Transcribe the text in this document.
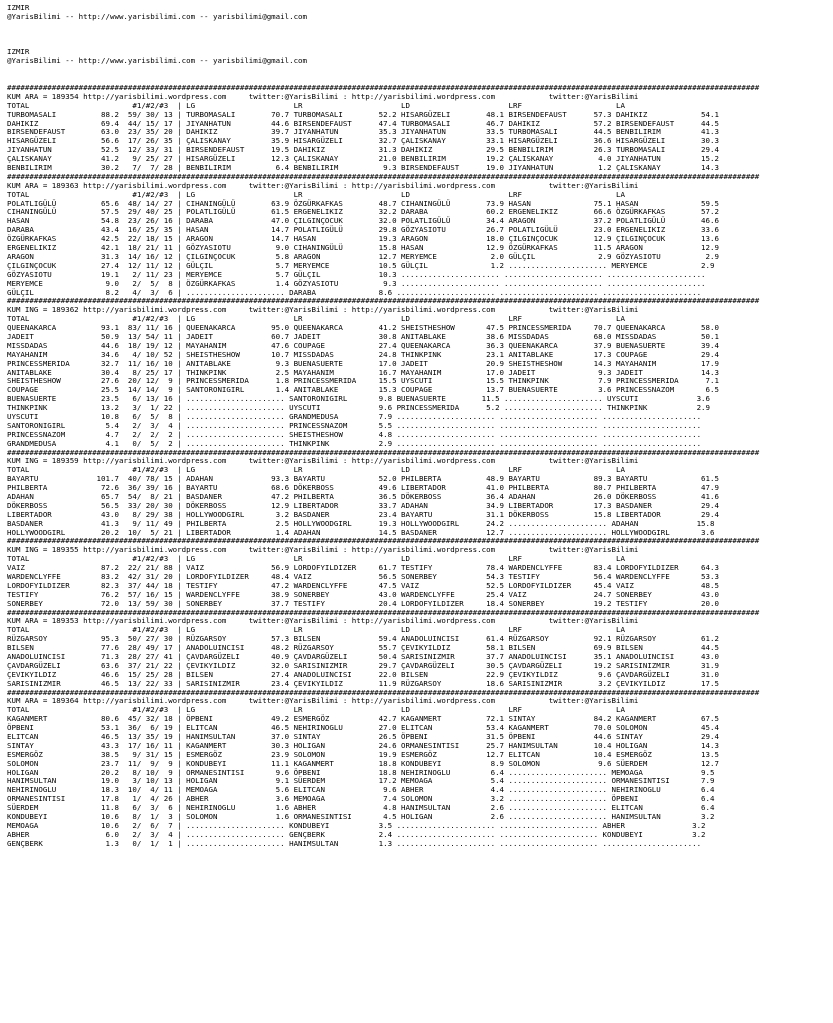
IZMIR
@YarisBilimi -- http://www.yarisbilimi.com -- yarisbilimi@gmail.com

IZMIR
@YarisBilimi -- http://www.yarisbilimi.com -- yarisbilimi@gmail.com

########################################################################################################################################################################
KUM ARA = 189354 http://yarisbilimi.wordpress.com     twitter:@YarisBilimi : http://yarisbilimi.wordpress.com            twitter:@YarisBilimi
TOTAL                       #1/#2/#3  | LG                      LR                      LD                      LRF                     LA
TURBOMASALI          88.2  59/ 30/ 13 | TURBOMASALI        70.7 TURBOMASALI        52.2 HISARGÜZELI        48.1 BIRSENDEFAUST      57.3 DAHIKIZ            54.1
DAHIKIZ              69.4  44/ 15/ 17 | JIYANHATUN         44.6 BIRSENDEFAUST      47.4 TURBOMASALI        46.7 DAHIKIZ            57.2 BIRSENDEFAUST      44.5
BIRSENDEFAUST        63.0  23/ 35/ 20 | DAHIKIZ            39.7 JIYANHATUN         35.3 JIYANHATUN         33.5 TURBOMASALI        44.5 BENBILIRIM         41.3
HISARGÜZELI          56.6  17/ 26/ 35 | ÇALISKANAY         35.9 HISARGÜZELI        32.7 ÇALISKANAY         33.1 HISARGÜZELI        36.6 HISARGÜZELI        30.3
JIYANHATUN           52.5  12/ 33/ 31 | BIRSENDEFAUST      19.5 DAHIKIZ            31.3 DAHIKIZ            29.5 BENBILIRIM         26.3 TURBOMASALI        29.4
ÇALISKANAY           41.2   9/ 25/ 27 | HISARGÜZELI        12.3 ÇALISKANAY         21.0 BENBILIRIM         19.2 ÇALISKANAY          4.0 JIYANHATUN         15.2
BENBILIRIM           30.2   7/  7/ 28 | BENBILIRIM          6.4 BENBILIRIM          9.3 BIRSENDEFAUST      19.0 JIYANHATUN          1.2 ÇALISKANAY         14.3
########################################################################################################################################################################
KUM ARA = 189363 http://yarisbilimi.wordpress.com     twitter:@YarisBilimi : http://yarisbilimi.wordpress.com            twitter:@YarisBilimi
TOTAL                       #1/#2/#3  | LG                      LR                      LD                      LRF                     LA
POLATLIGÜLÜ          65.6  48/ 14/ 27 | CIHANINGÜLÜ        63.9 ÖZGÜRKAFKAS        48.7 CIHANINGÜLÜ        73.9 HASAN              75.1 HASAN              59.5
CIHANINGÜLÜ          57.5  29/ 40/ 25 | POLATLIGÜLÜ        61.5 ERGENELIKIZ        32.2 DARABA             60.2 ERGENELIKIZ        66.6 ÖZGÜRKAFKAS        57.2
HASAN                54.8  23/ 26/ 16 | DARABA             47.0 ÇILGINÇOCUK        32.0 POLATLIGÜLÜ        34.4 ARAGON             37.2 POLATLIGÜLÜ        46.6
DARABA               43.4  16/ 25/ 35 | HASAN              14.7 POLATLIGÜLÜ        29.8 GÖZYASIOTU         26.7 POLATLIGÜLÜ        23.0 ERGENELIKIZ        33.6
ÖZGÜRKAFKAS          42.5  22/ 18/ 15 | ARAGON             14.7 HASAN              19.3 ARAGON             18.0 ÇILGINÇOCUK        12.9 ÇILGINÇOCUK        13.6
ERGENELIKIZ          42.1  18/ 21/ 11 | GÖZYASIOTU          9.0 CIHANINGÜLÜ        15.8 HASAN              12.9 ÖZGÜRKAFKAS        11.5 ARAGON             12.9
ARAGON               31.3  14/ 16/ 12 | ÇILGINÇOCUK         5.8 ARAGON             12.7 MERYEMCE            2.0 GÜLÇIL              2.9 GÖZYASIOTU          2.9
ÇILGINÇOCUK          27.4  12/ 11/ 12 | GÜLÇIL              5.7 MERYEMCE           10.5 GÜLÇIL              1.2 ...................... MERYEMCE            2.9
GÖZYASIOTU           19.1   2/ 11/ 23 | MERYEMCE            5.7 GÜLÇIL             10.3 ...................... ...................... ......................
MERYEMCE              9.0   2/  5/  8 | ÖZGÜRKAFKAS         1.4 GÖZYASIOTU          9.3 ...................... ...................... ......................
GÜLÇIL                8.2   4/  3/  6 | ...................... DARABA              8.6 ...................... ...................... ......................
########################################################################################################################################################################
KUM ING = 189362 http://yarisbilimi.wordpress.com     twitter:@YarisBilimi : http://yarisbilimi.wordpress.com            twitter:@YarisBilimi
TOTAL                       #1/#2/#3  | LG                      LR                      LD                      LRF                     LA
QUEENAKARCA          93.1  83/ 11/ 16 | QUEENAKARCA        95.0 QUEENAKARCA        41.2 SHEISTHESHOW       47.5 PRINCESSMERIDA     70.7 QUEENAKARCA        58.0
JADEIT               50.9  13/ 54/ 11 | JADEIT             60.7 JADEIT             30.8 ANITABLAKE         38.6 MISSDADAS          68.0 MISSDADAS          50.1
MISSDADAS            44.6  18/ 19/ 12 | MAYAHANIM          47.6 COUPAGE            27.4 QUEENAKARCA        36.3 QUEENAKARCA        37.9 BUENASUERTE        39.4
MAYAHANIM            34.6   4/ 10/ 52 | SHEISTHESHOW       10.7 MISSDADAS          24.8 THINKPINK          23.1 ANITABLAKE         17.3 COUPAGE            29.4
PRINCESSMERIDA       32.7  11/ 16/ 10 | ANITABLAKE          9.3 BUENASUERTE        17.0 JADEIT             20.9 SHEISTHESHOW       14.3 MAYAHANIM          17.9
ANITABLAKE           30.4   8/ 25/ 17 | THINKPINK           2.5 MAYAHANIM          16.7 MAYAHANIM          17.0 JADEIT              9.3 JADEIT             14.3
SHEISTHESHOW         27.6  20/ 12/  9 | PRINCESSMERIDA      1.8 PRINCESSMERIDA     15.5 UYSCUTI            15.5 THINKPINK           7.9 PRINCESSMERIDA      7.1
COUPAGE              25.5  14/ 14/  9 | SANTORONIGIRL       1.4 ANITABLAKE         15.3 COUPAGE            13.7 BUENASUERTE         3.6 PRINCESSNAZOM       6.5
BUENASUERTE          23.5   6/ 13/ 16 | ...................... SANTORONIGIRL       9.8 BUENASUERTE        11.5 ...................... UYSCUTI             3.6
THINKPINK            13.2   3/  1/ 22 | ...................... UYSCUTI             9.6 PRINCESSMERIDA      5.2 ...................... THINKPINK           2.9
UYSCUTI              10.8   6/  5/  8 | ...................... GRANDMEDUSA         7.9 ...................... ...................... ......................
SANTORONIGIRL         5.4   2/  3/  4 | ...................... PRINCESSNAZOM       5.5 ...................... ...................... ......................
PRINCESSNAZOM         4.7   2/  2/  2 | ...................... SHEISTHESHOW        4.8 ...................... ...................... ......................
GRANDMEDUSA           4.1   0/  5/  2 | ...................... THINKPINK           2.9 ...................... ...................... ......................
########################################################################################################################################################################
KUM ING = 189359 http://yarisbilimi.wordpress.com     twitter:@YarisBilimi : http://yarisbilimi.wordpress.com            twitter:@YarisBilimi
TOTAL                       #1/#2/#3  | LG                      LR                      LD                      LRF                     LA
BAYARTU             101.7  40/ 78/ 15 | ADAHAN             93.3 BAYARTU            52.0 PHILBERTA          48.9 BAYARTU            89.3 BAYARTU            61.5
PHILBERTA            72.6  36/ 39/ 16 | BAYARTU            68.6 DÖKERBOSS          49.6 LIBERTADOR         41.0 PHILBERTA          80.7 PHILBERTA          47.9
ADAHAN               65.7  54/  8/ 21 | BASDANER           47.2 PHILBERTA          36.5 DÖKERBOSS          36.4 ADAHAN             26.0 DÖKERBOSS          41.6
DÖKERBOSS            56.5  33/ 20/ 30 | DÖKERBOSS          12.9 LIBERTADOR         33.7 ADAHAN             34.9 LIBERTADOR         17.3 BASDANER           29.4
LIBERTADOR           43.0   8/ 29/ 38 | HOLLYWOODGIRL       3.2 BASDANER           23.4 BAYARTU            31.1 DÖKERBOSS          15.8 LIBERTADOR         29.4
BASDANER             41.3   9/ 11/ 49 | PHILBERTA           2.5 HOLLYWOODGIRL      19.3 HOLLYWOODGIRL      24.2 ...................... ADAHAN             15.8
HOLLYWOODGIRL        20.2  10/  5/ 21 | LIBERTADOR          1.4 ADAHAN             14.5 BASDANER           12.7 ...................... HOLLYWOODGIRL       3.6
########################################################################################################################################################################
KUM ING = 189355 http://yarisbilimi.wordpress.com     twitter:@YarisBilimi : http://yarisbilimi.wordpress.com            twitter:@YarisBilimi
TOTAL                       #1/#2/#3  | LG                      LR                      LD                      LRF                     LA
VAIZ                 87.2  22/ 21/ 88 | VAIZ               56.9 LORDOFYILDIZER     61.7 TESTIFY            78.4 WARDENCLYFFE       83.4 LORDOFYILDIZER     64.3
WARDENCLYFFE         83.2  42/ 31/ 20 | LORDOFYILDIZER     48.4 VAIZ               56.5 SONERBEY           54.3 TESTIFY            56.4 WARDENCLYFFE       53.3
LORDOFYILDIZER       82.3  37/ 44/ 18 | TESTIFY            47.2 WARDENCLYFFE       47.5 VAIZ               52.5 LORDOFYILDIZER     45.4 VAIZ               48.5
TESTIFY              76.2  57/ 16/ 15 | WARDENCLYFFE       38.9 SONERBEY           43.0 WARDENCLYFFE       25.4 VAIZ               24.7 SONERBEY           43.0
SONERBEY             72.0  13/ 59/ 30 | SONERBEY           37.7 TESTIFY            20.4 LORDOFYILDIZER     18.4 SONERBEY           19.2 TESTIFY            20.0
########################################################################################################################################################################
KUM ARA = 189353 http://yarisbilimi.wordpress.com     twitter:@YarisBilimi : http://yarisbilimi.wordpress.com            twitter:@YarisBilimi
TOTAL                       #1/#2/#3  | LG                      LR                      LD                      LRF                     LA
RÜZGARSOY            95.3  50/ 27/ 30 | RÜZGARSOY          57.3 BILSEN             59.4 ANADOLUINCISI      61.4 RÜZGARSOY          92.1 RÜZGARSOY          61.2
BILSEN               77.6  28/ 49/ 17 | ANADOLUINCISI      48.2 RÜZGARSOY          55.7 ÇEVIKYILDIZ        58.1 BILSEN             69.9 BILSEN             44.5
ANADOLUINCISI        71.3  28/ 27/ 41 | ÇAVDARGÜZELI       40.9 ÇAVDARGÜZELI       50.4 SARISINIZMIR       37.7 ANADOLUINCISI      35.1 ANADOLUINCISI      43.0
ÇAVDARGÜZELI         63.6  37/ 21/ 22 | ÇEVIKYILDIZ        32.0 SARISINIZMIR       29.7 ÇAVDARGÜZELI       30.5 ÇAVDARGÜZELI       19.2 SARISINIZMIR       31.9
ÇEVIKYILDIZ          46.6  15/ 25/ 28 | BILSEN             27.4 ANADOLUINCISI      22.0 BILSEN             22.9 ÇEVIKYILDIZ         9.6 ÇAVDARGÜZELI       31.0
SARISINIZMIR         46.5  13/ 22/ 33 | SARISINIZMIR       23.4 ÇEVIKYILDIZ        11.9 RÜZGARSOY          18.6 SARISINIZMIR        3.2 ÇEVIKYILDIZ        17.5
########################################################################################################################################################################
KUM ARA = 189364 http://yarisbilimi.wordpress.com     twitter:@YarisBilimi : http://yarisbilimi.wordpress.com            twitter:@YarisBilimi
TOTAL                       #1/#2/#3  | LG                      LR                      LD                      LRF                     LA
KAGANMERT            80.6  45/ 32/ 18 | ÖPBENI             49.2 ESMERGÖZ           42.7 KAGANMERT          72.1 SINTAY             84.2 KAGANMERT          67.5
ÖPBENI               53.1  36/  6/ 19 | ELITCAN            46.5 NEHIRINOGLU        27.0 ELITCAN            53.4 KAGANMERT          70.0 SOLOMON            45.4
ELITCAN              46.5  13/ 35/ 19 | HANIMSULTAN        37.0 SINTAY             26.5 ÖPBENI             31.5 ÖPBENI             44.6 SINTAY             29.4
SINTAY               43.3  17/ 16/ 11 | KAGANMERT          30.3 HOLIGAN            24.6 ORMANESINTISI      25.7 HANIMSULTAN        10.4 HOLIGAN            14.3
ESMERGÖZ             38.5   9/ 31/ 15 | ESMERGÖZ           23.9 SOLOMON            19.9 ESMERGÖZ           12.7 ELITCAN            10.4 ESMERGÖZ           13.5
SOLOMON              23.7  11/  9/  9 | KONDUBEYI          11.1 KAGANMERT          18.8 KONDUBEYI           8.9 SOLOMON             9.6 SÜERDEM            12.7
HOLIGAN              20.2   8/ 10/  9 | ORMANESINTISI       9.6 ÖPBENI             18.8 NEHIRINOGLU         6.4 ...................... MEMOAGA             9.5
HANIMSULTAN          19.0   3/ 10/ 13 | HOLIGAN             9.1 SÜERDEM            17.2 MEMOAGA             5.4 ...................... ORMANESINTISI       7.9
NEHIRINOGLU          18.3  10/  4/ 11 | MEMOAGA             5.6 ELITCAN             9.6 ABHER               4.4 ...................... NEHIRINOGLU         6.4
ORMANESINTISI        17.8   1/  4/ 26 | ABHER               3.6 MEMOAGA             7.4 SOLOMON             3.2 ...................... ÖPBENI              6.4
SÜERDEM              11.8   6/  3/  6 | NEHIRINOGLU         1.6 ABHER               4.8 HANIMSULTAN         2.6 ...................... ELITCAN             6.4
KONDUBEYI            10.6   8/  1/  3 | SOLOMON             1.6 ORMANESINTISI       4.5 HOLIGAN             2.6 ...................... HANIMSULTAN         3.2
MEMOAGA              10.6   2/  6/  7 | ...................... KONDUBEYI           3.5 ...................... ...................... ABHER               3.2
ABHER                 6.0   2/  3/  4 | ...................... GENÇBERK            2.4 ...................... ...................... KONDUBEYI           3.2
GENÇBERK              1.3   0/  1/  1 | ...................... HANIMSULTAN         1.3 ...................... ...................... ......................
